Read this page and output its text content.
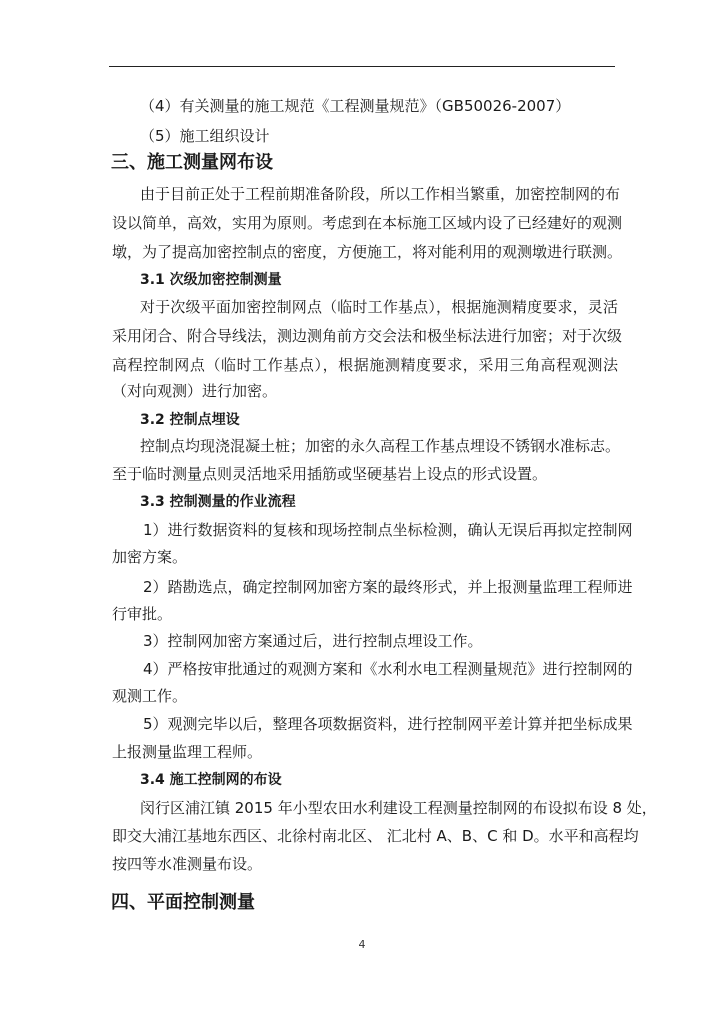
（4）有关测量的施工规范《工程测量规范》（GB50026-2007）
（5）施工组织设计
三、施工测量网布设
由于目前正处于工程前期准备阶段，所以工作相当繁重，加密控制网的布
设以简单，高效，实用为原则。考虑到在本标施工区域内设了已经建好的观测
墩，为了提高加密控制点的密度，方便施工，将对能利用的观测墩进行联测。
3.1 次级加密控制测量
对于次级平面加密控制网点（临时工作基点），根据施测精度要求，灵活
采用闭合、附合导线法，测边测角前方交会法和极坐标法进行加密；对于次级
高程控制网点（临时工作基点），根据施测精度要求，采用三角高程观测法
（对向观测）进行加密。
3.2 控制点埋设
控制点均现浇混凝土桩；加密的永久高程工作基点埋设不锈钢水准标志。
至于临时测量点则灵活地采用插筋或坚硬基岩上设点的形式设置。
3.3 控制测量的作业流程
1）进行数据资料的复核和现场控制点坐标检测，确认无误后再拟定控制网
加密方案。
2）踏勘选点，确定控制网加密方案的最终形式，并上报测量监理工程师进
行审批。
3）控制网加密方案通过后，进行控制点埋设工作。
4）严格按审批通过的观测方案和《水利水电工程测量规范》进行控制网的
观测工作。
5）观测完毕以后，整理各项数据资料，进行控制网平差计算并把坐标成果
上报测量监理工程师。
3.4 施工控制网的布设
闵行区浦江镇 2015 年小型农田水利建设工程测量控制网的布设拟布设 8 处，
即交大浦江基地东西区、北徐村南北区、 汇北村 A、B、C 和 D。水平和高程均
按四等水准测量布设。
四、平面控制测量
4
